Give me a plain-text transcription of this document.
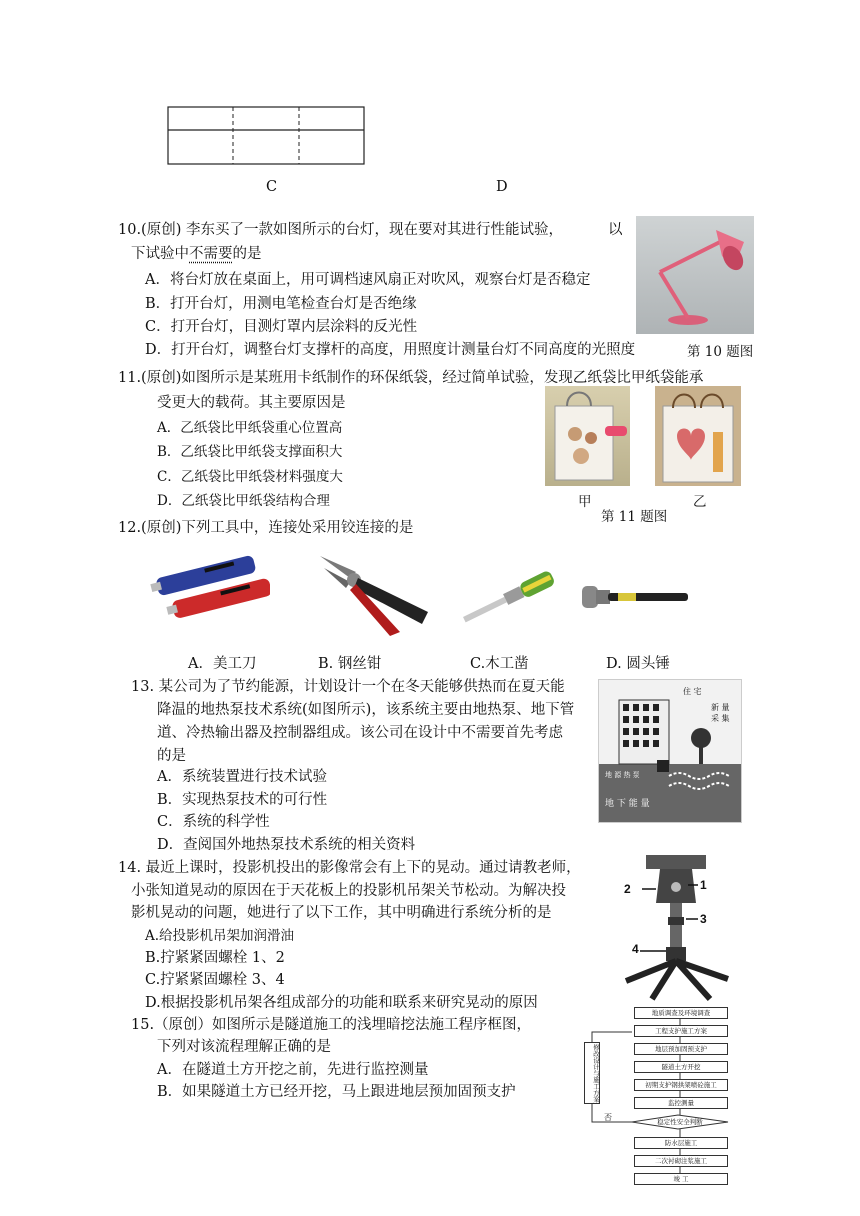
C	D
10.(原创) 李东买了一款如图所示的台灯，现在要对其进行性能试验，	以
下试验中不需要的是
A．将台灯放在桌面上，用可调档速风扇正对吹风，观察台灯是否稳定
B．打开台灯，用测电笔检查台灯是否绝缘
C．打开台灯，目测灯罩内层涂料的反光性
D．打开台灯，调整台灯支撑杆的高度，用照度计测量台灯不同高度的光照度	第 10 题图
11.(原创)如图所示是某班用卡纸制作的环保纸袋，经过简单试验，发现乙纸袋比甲纸袋能承
受更大的载荷。其主要原因是
A．乙纸袋比甲纸袋重心位置高
B．乙纸袋比甲纸袋支撑面积大
C．乙纸袋比甲纸袋材料强度大
D．乙纸袋比甲纸袋结构合理	甲	乙
第 11 题图
12.(原创)下列工具中，连接处采用铰连接的是
A．美工刀	B. 钢丝钳	C.木工凿	D. 圆头锤
13. 某公司为了节约能源，计划设计一个在冬天能够供热而在夏天能
降温的地热泵技术系统(如图所示)，该系统主要由地热泵、地下管
道、冷热输出器及控制器组成。该公司在设计中不需要首先考虑
的是
A．系统装置进行技术试验
B．实现热泵技术的可行性
C．系统的科学性
D．查阅国外地热泵技术系统的相关资料
住 宅
新 量 采 集
地 源 热 泵
地 下 能 量
14. 最近上课时，投影机投出的影像常会有上下的晃动。通过请教老师，
小张知道晃动的原因在于天花板上的投影机吊架关节松动。为解决投
影机晃动的问题，她进行了以下工作，其中明确进行系统分析的是
A.给投影机吊架加润滑油
B.拧紧紧固螺栓 1、2
C.拧紧紧固螺栓 3、4
D.根据投影机吊架各组成部分的功能和联系来研究晃动的原因
1
2
3
4
15.（原创）如图所示是隧道施工的浅埋暗挖法施工程序框图，
下列对该流程理解正确的是
A．在隧道土方开挖之前，先进行监控测量
B．如果隧道土方已经开挖，马上跟进地层预加固预支护
地质调查及环境调查
工程支护施工方案
地层预加固预支护
隧道土方开挖
初期支护钢拱架喷砼施工
监控测量
稳定性安全判断
防水层施工
二次衬砌注浆施工
竣 工
修改设计与施工方案
否
